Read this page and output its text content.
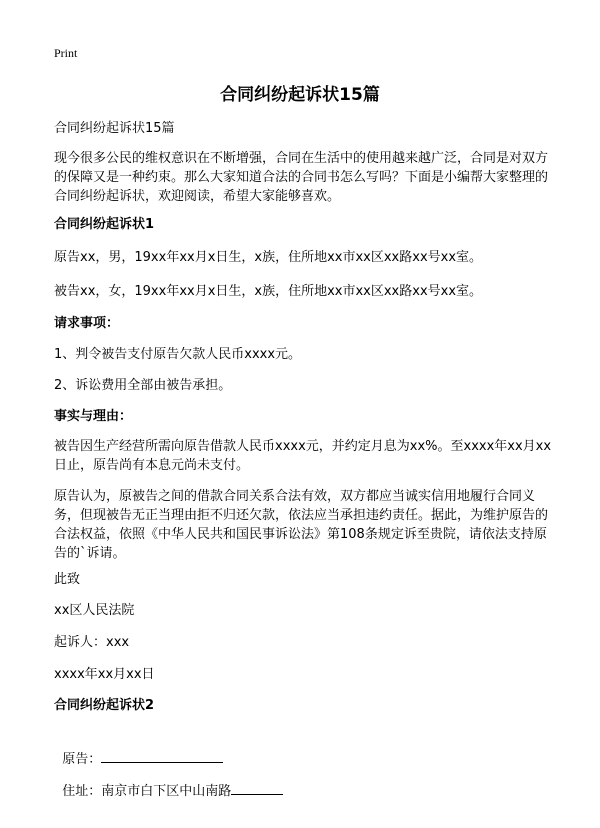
Print
合同纠纷起诉状15篇
合同纠纷起诉状15篇
现今很多公民的维权意识在不断增强，合同在生活中的使用越来越广泛，合同是对双方的保障又是一种约束。那么大家知道合法的合同书怎么写吗？下面是小编帮大家整理的合同纠纷起诉状，欢迎阅读，希望大家能够喜欢。
合同纠纷起诉状1
原告xx，男，19xx年xx月x日生，x族，住所地xx市xx区xx路xx号xx室。
被告xx，女，19xx年xx月x日生，x族，住所地xx市xx区xx路xx号xx室。
请求事项：
1、判令被告支付原告欠款人民币xxxx元。
2、诉讼费用全部由被告承担。
事实与理由：
被告因生产经营所需向原告借款人民币xxxx元，并约定月息为xx%。至xxxx年xx月xx日止，原告尚有本息元尚未支付。
原告认为，原被告之间的借款合同关系合法有效，双方都应当诚实信用地履行合同义务，但现被告无正当理由拒不归还欠款，依法应当承担违约责任。据此，为维护原告的合法权益，依照《中华人民共和国民事诉讼法》第108条规定诉至贵院，请依法支持原告的`诉请。
此致
xx区人民法院
起诉人：xxx
xxxx年xx月xx日
合同纠纷起诉状2

原告：

住址：南京市白下区中山南路
